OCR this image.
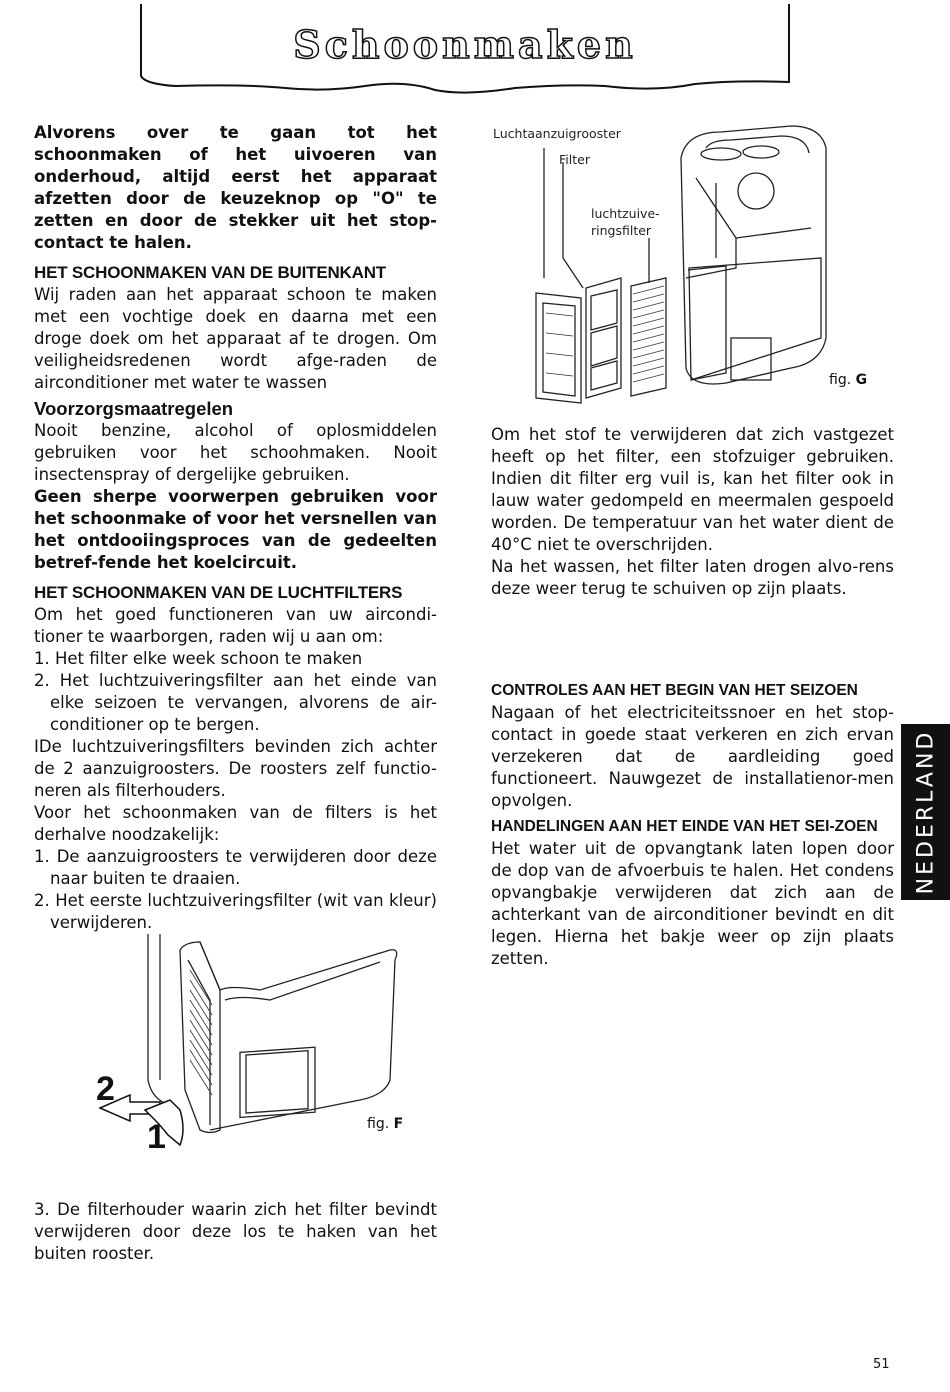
Schoonmaken

Alvorens over te gaan tot het schoonmaken of het uivoeren van onderhoud, altijd eerst het apparaat afzetten door de keuzeknop op "O" te zetten en door de stekker uit het stop-contact te halen.

HET SCHOONMAKEN VAN DE BUITENKANT

Wij raden aan het apparaat schoon te maken met een vochtige doek en daarna met een droge doek om het apparaat af te drogen. Om veiligheidsredenen wordt afge-raden de airconditioner met water te wassen

Voorzorgsmaatregelen

Nooit benzine, alcohol of oplosmiddelen gebruiken voor het schoohmaken. Nooit insectenspray of dergelijke gebruiken.

Geen sherpe voorwerpen gebruiken voor het schoonmake of voor het versnellen van het ontdooiingsproces van de gedeelten betref-fende het koelcircuit.

HET SCHOONMAKEN VAN DE LUCHTFILTERS

Om het goed functioneren van uw aircondi-tioner te waarborgen, raden wij u aan om:

1. Het filter elke week schoon te maken

2. Het luchtzuiveringsfilter aan het einde van elke seizoen te vervangen, alvorens de air-conditioner op te bergen.

IDe luchtzuiveringsfilters bevinden zich achter de 2 aanzuigroosters. De roosters zelf functio-neren als filterhouders.

Voor het schoonmaken van de filters is het derhalve noodzakelijk:

1. De aanzuigroosters te verwijderen door deze naar buiten te draaien.

2. Het eerste luchtzuiveringsfilter (wit van kleur) verwijderen.

2
1	fig. F

3. De filterhouder waarin zich het filter bevindt verwijderen door deze los te haken van het buiten rooster.

Luchtaanzuigrooster
Filter
luchtzuive-
ringsfilter
fig. G

Om het stof te verwijderen dat zich vastgezet heeft op het filter, een stofzuiger gebruiken. Indien dit filter erg vuil is, kan het filter ook in lauw water gedompeld en meermalen gespoeld worden. De temperatuur van het water dient de 40°C niet te overschrijden.

Na het wassen, het filter laten drogen alvo-rens deze weer terug te schuiven op zijn plaats.

CONTROLES AAN HET BEGIN VAN HET SEIZOEN

Nagaan of het electriciteitssnoer en het stop-contact in goede staat verkeren en zich ervan verzekeren dat de aardleiding goed functioneert. Nauwgezet de installatienor-men opvolgen.

HANDELINGEN AAN HET EINDE VAN HET SEI-ZOEN

Het water uit de opvangtank laten lopen door de dop van de afvoerbuis te halen. Het condens opvangbakje verwijderen dat zich aan de achterkant van de airconditioner bevindt en dit legen. Hierna het bakje weer op zijn plaats zetten.

NEDERLAND
51
